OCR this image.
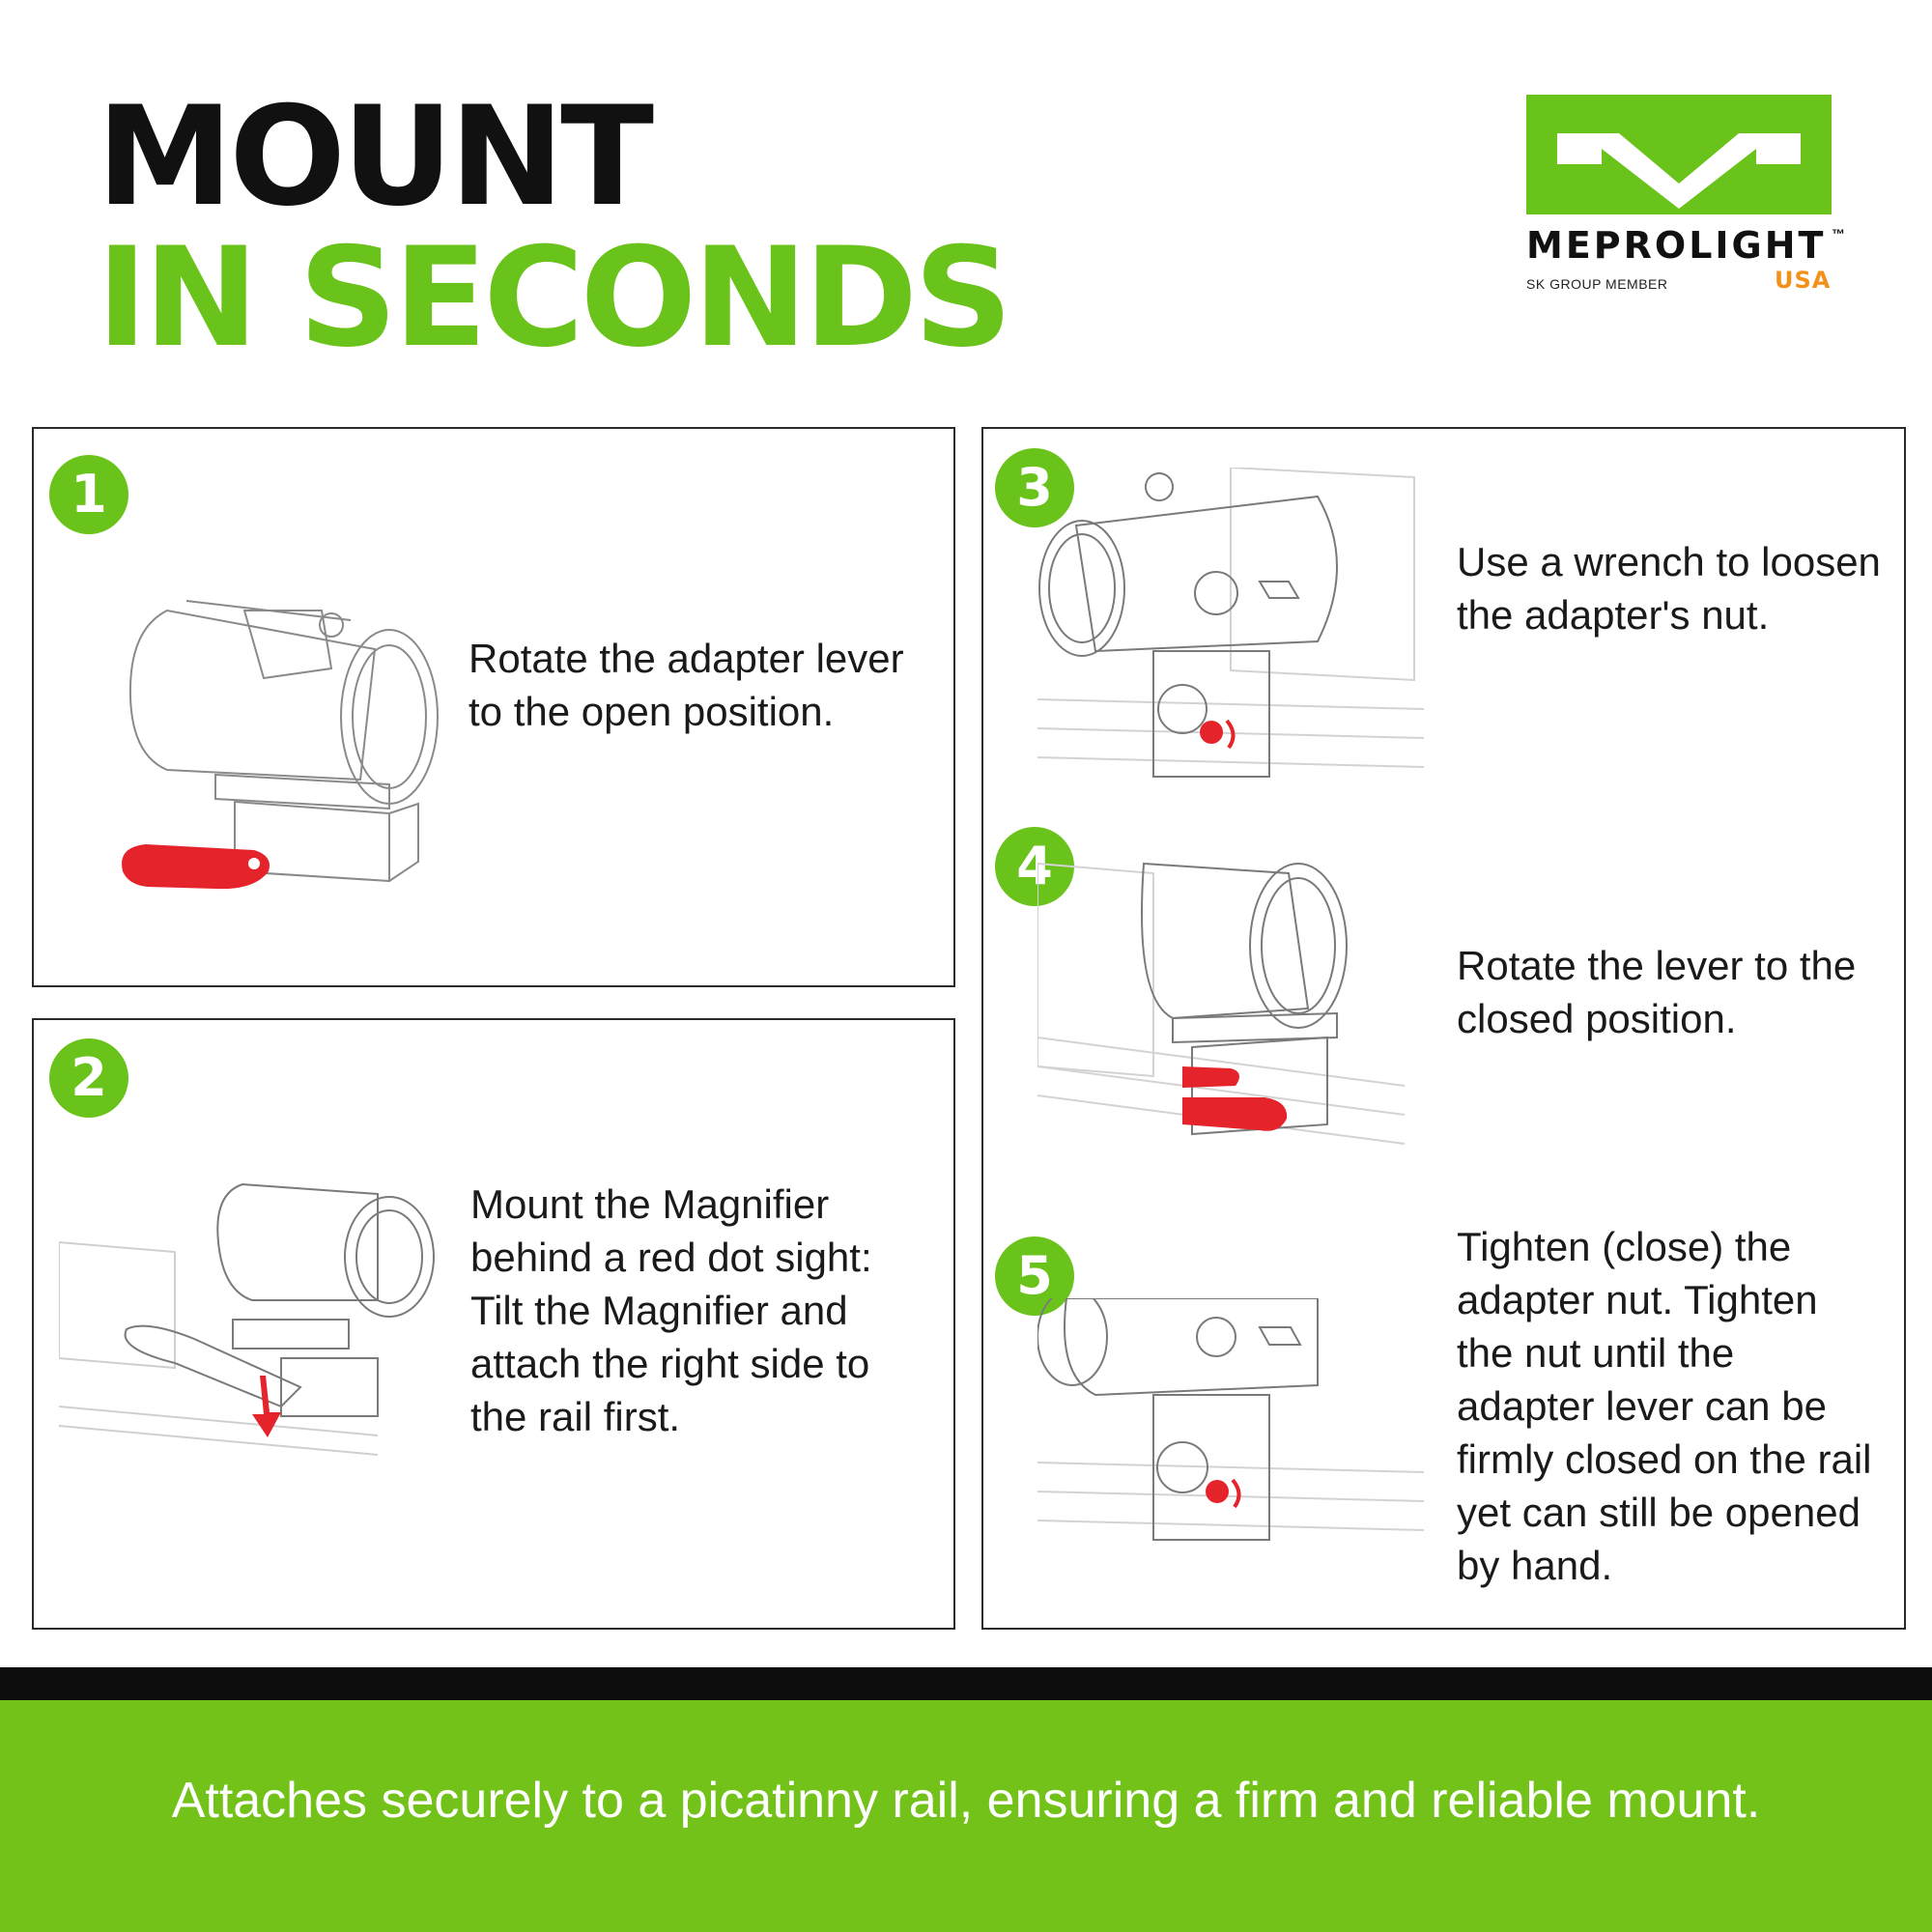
MOUNT
IN SECONDS	MEPROLIGHT ™
SK GROUP MEMBER	USA
1
Rotate the adapter lever to the open position.
2
Mount the Magnifier behind a red dot sight: Tilt the Magnifier and attach the right side to the rail first.
3
Use a wrench to loosen the adapter's nut.
4
Rotate the lever to the closed position.
5	Tighten (close) the adapter nut. Tighten the nut until the adapter lever can be firmly closed on the rail yet can still be opened by hand.
Attaches securely to a picatinny rail, ensuring a firm and reliable mount.
